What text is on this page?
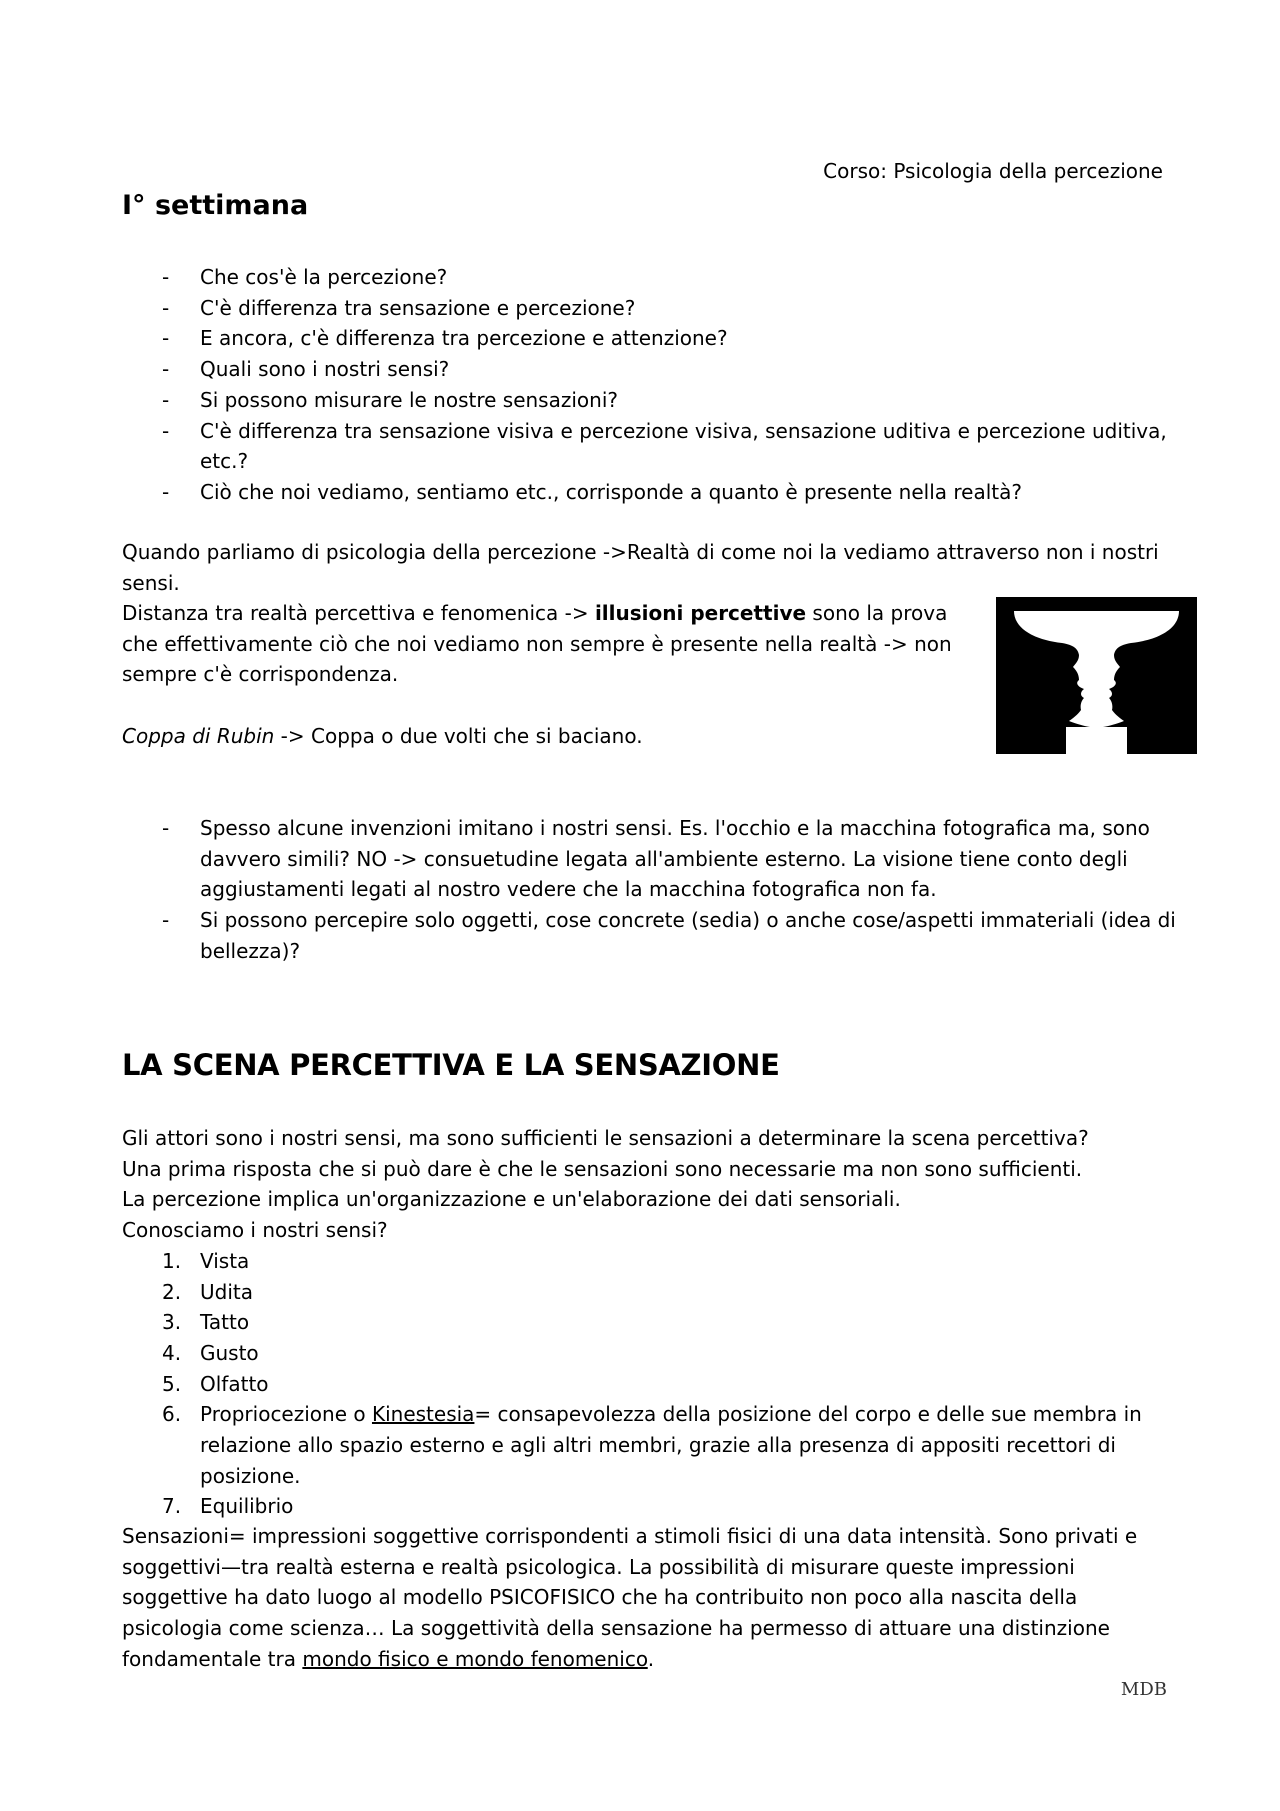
Corso: Psicologia della percezione
I° settimana
- Che cos'è la percezione?
- C'è differenza tra sensazione e percezione?
- E ancora, c'è differenza tra percezione e attenzione?
- Quali sono i nostri sensi?
- Si possono misurare le nostre sensazioni?
- C'è differenza tra sensazione visiva e percezione visiva, sensazione uditiva e percezione uditiva, etc.?
- Ciò che noi vediamo, sentiamo etc., corrisponde a quanto è presente nella realtà?

Quando parliamo di psicologia della percezione ->Realtà di come noi la vediamo attraverso non i nostri sensi.

Distanza tra realtà percettiva e fenomenica -> illusioni percettive sono la prova che effettivamente ciò che noi vediamo non sempre è presente nella realtà -> non sempre c'è corrispondenza.

Coppa di Rubin -> Coppa o due volti che si baciano.

- Spesso alcune invenzioni imitano i nostri sensi. Es. l'occhio e la macchina fotografica ma, sono davvero simili? NO -> consuetudine legata all'ambiente esterno. La visione tiene conto degli aggiustamenti legati al nostro vedere che la macchina fotografica non fa.
- Si possono percepire solo oggetti, cose concrete (sedia) o anche cose/aspetti immateriali (idea di bellezza)?
LA SCENA PERCETTIVA E LA SENSAZIONE

Gli attori sono i nostri sensi, ma sono sufficienti le sensazioni a determinare la scena percettiva?

Una prima risposta che si può dare è che le sensazioni sono necessarie ma non sono sufficienti.

La percezione implica un'organizzazione e un'elaborazione dei dati sensoriali.

Conosciamo i nostri sensi?

1. Vista
2. Udita
3. Tatto
4. Gusto
5. Olfatto
6. Propriocezione o Kinestesia= consapevolezza della posizione del corpo e delle sue membra in relazione allo spazio esterno e agli altri membri, grazie alla presenza di appositi recettori di posizione.
7. Equilibrio

Sensazioni= impressioni soggettive corrispondenti a stimoli fisici di una data intensità. Sono privati e soggettivi—tra realtà esterna e realtà psicologica. La possibilità di misurare queste impressioni soggettive ha dato luogo al modello PSICOFISICO che ha contribuito non poco alla nascita della psicologia come scienza… La soggettività della sensazione ha permesso di attuare una distinzione fondamentale tra mondo fisico e mondo fenomenico.

MDB
